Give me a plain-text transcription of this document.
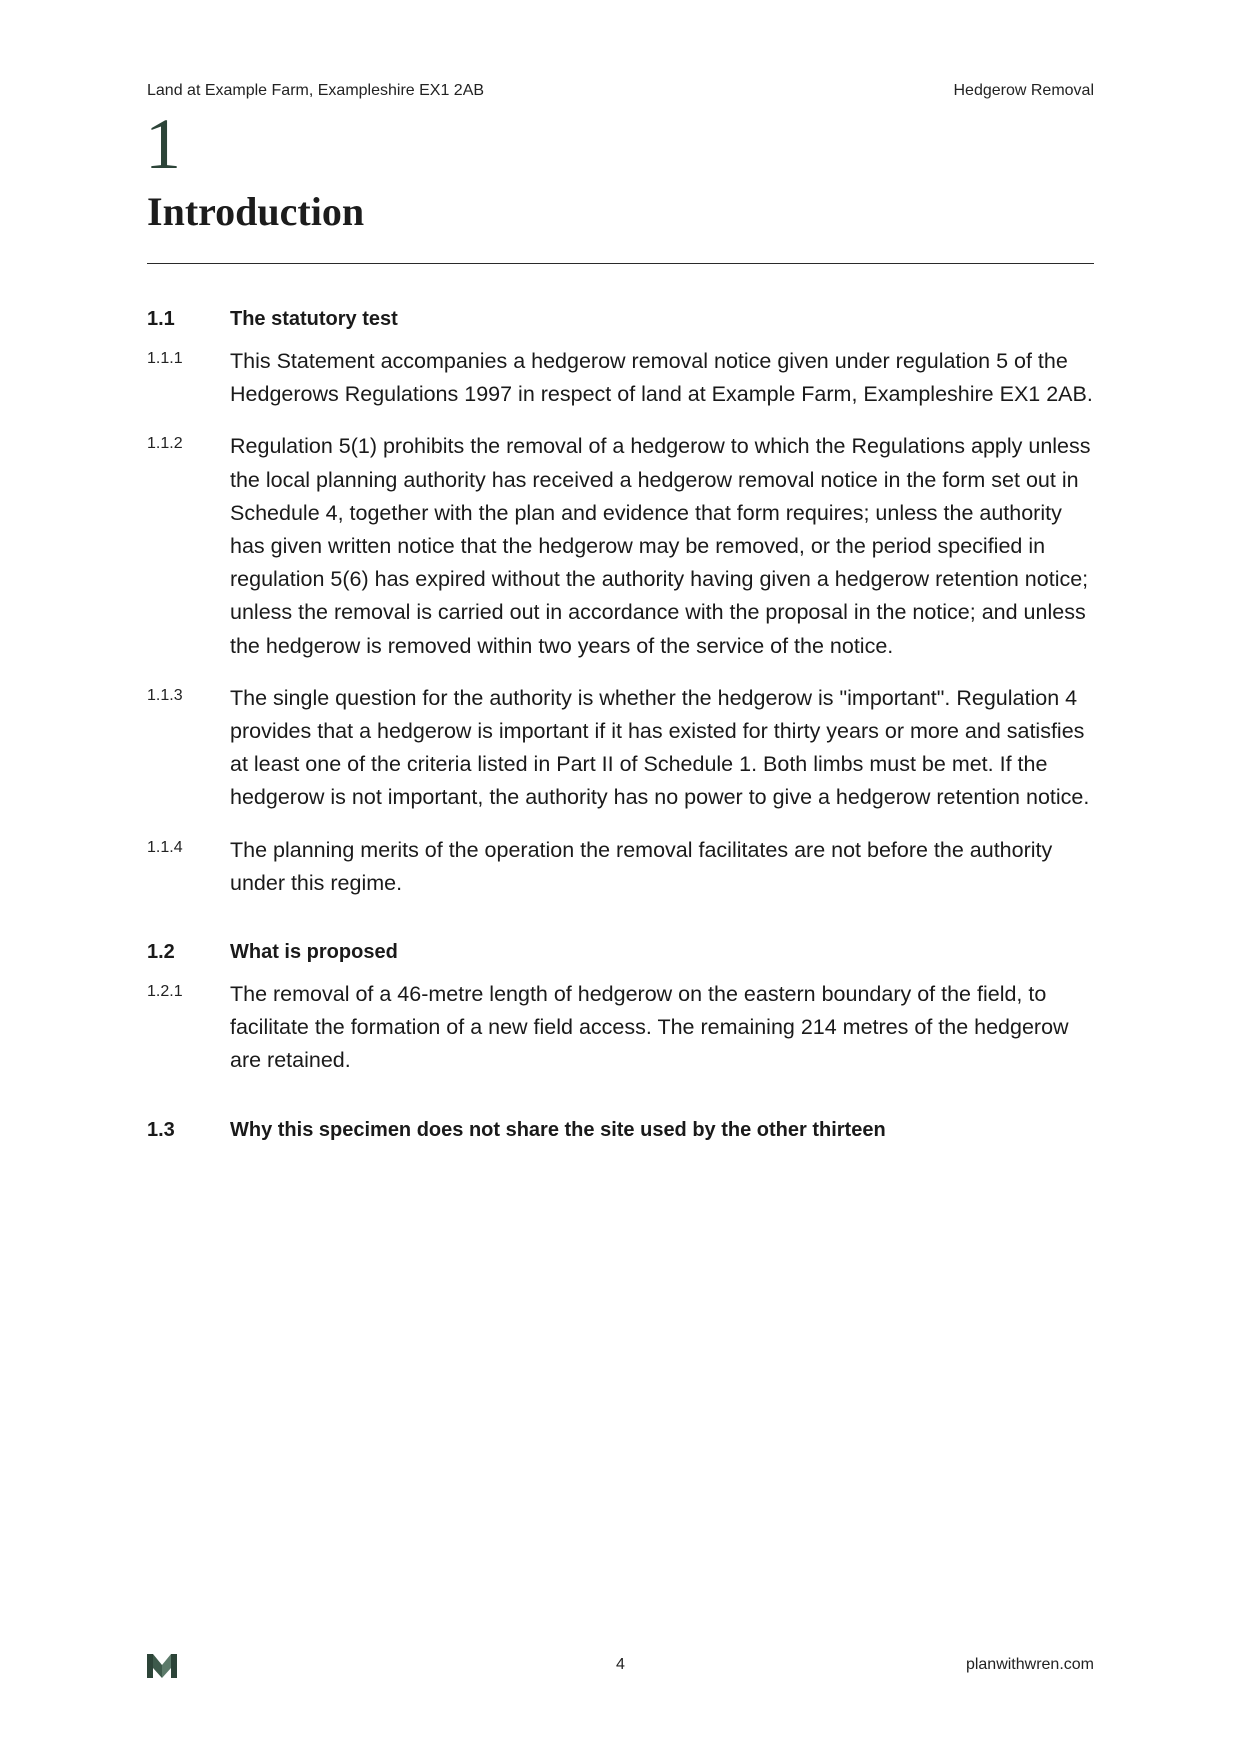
Land at Example Farm, Exampleshire EX1 2AB	Hedgerow Removal
1
Introduction
1.1	The statutory test
1.1.1	This Statement accompanies a hedgerow removal notice given under regulation 5 of the Hedgerows Regulations 1997 in respect of land at Example Farm, Exampleshire EX1 2AB.
1.1.2	Regulation 5(1) prohibits the removal of a hedgerow to which the Regulations apply unless the local planning authority has received a hedgerow removal notice in the form set out in Schedule 4, together with the plan and evidence that form requires; unless the authority has given written notice that the hedgerow may be removed, or the period specified in regulation 5(6) has expired without the authority having given a hedgerow retention notice; unless the removal is carried out in accordance with the proposal in the notice; and unless the hedgerow is removed within two years of the service of the notice.
1.1.3	The single question for the authority is whether the hedgerow is "important". Regulation 4 provides that a hedgerow is important if it has existed for thirty years or more and satisfies at least one of the criteria listed in Part II of Schedule 1. Both limbs must be met. If the hedgerow is not important, the authority has no power to give a hedgerow retention notice.
1.1.4	The planning merits of the operation the removal facilitates are not before the authority under this regime.
1.2	What is proposed
1.2.1	The removal of a 46-metre length of hedgerow on the eastern boundary of the field, to facilitate the formation of a new field access. The remaining 214 metres of the hedgerow are retained.
1.3	Why this specimen does not share the site used by the other thirteen
4	planwithwren.com
